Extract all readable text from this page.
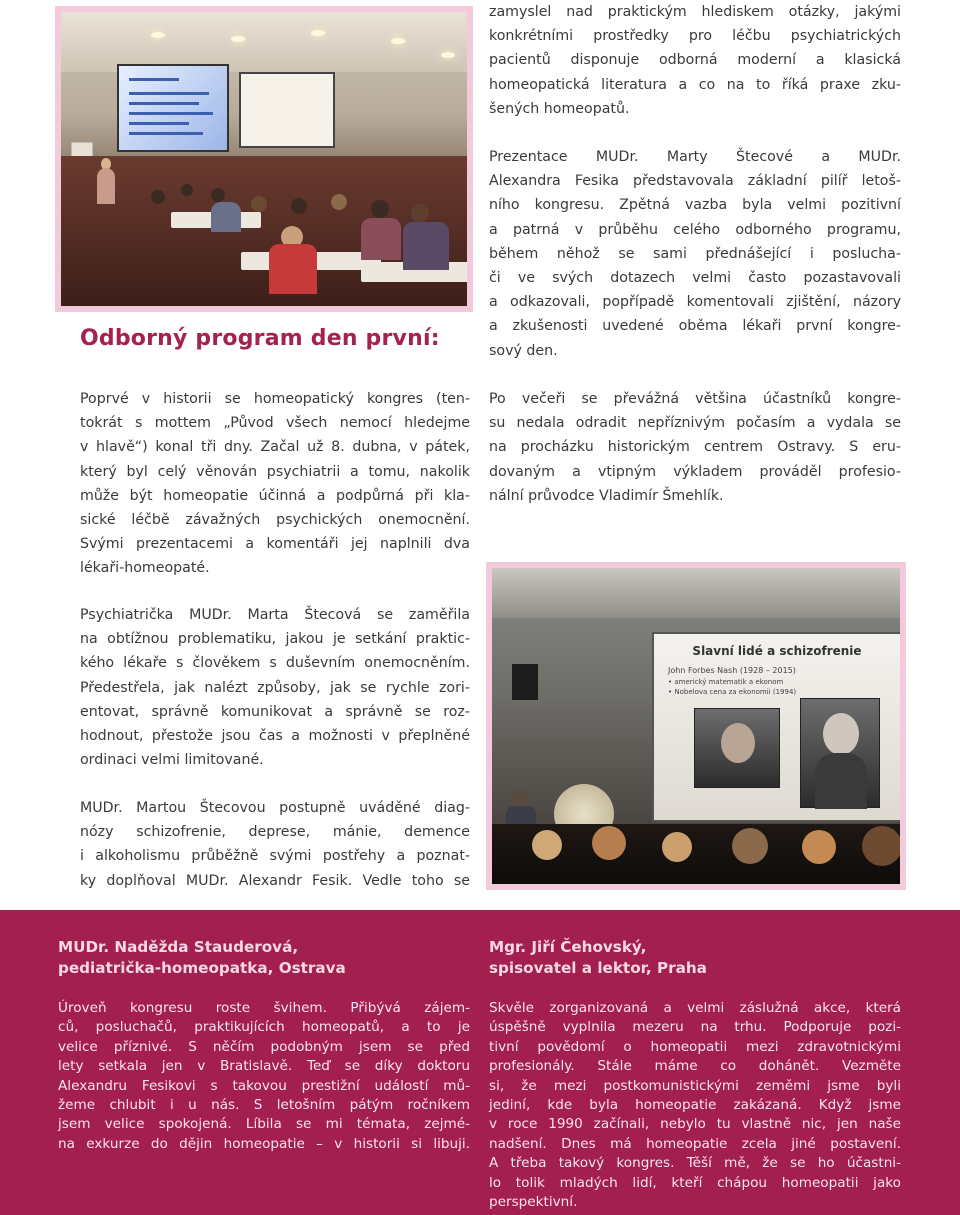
zamyslel nad praktickým hlediskem otázky, jakými
konkrétními prostředky pro léčbu psychiatrických
pacientů disponuje odborná moderní a klasická
homeopatická literatura a co na to říká praxe zku-
šených homeopatů.
Prezentace MUDr. Marty Štecové a MUDr.
Alexandra Fesika představovala základní pilíř letoš-
ního kongresu. Zpětná vazba byla velmi pozitivní
a patrná v průběhu celého odborného programu,
během něhož se sami přednášející i poslucha-
či ve svých dotazech velmi často pozastavovali
a odkazovali, popřípadě komentovali zjištění, názory
a zkušenosti uvedené oběma lékaři první kongre-
sový den.
Odborný program den první:
Poprvé v historii se homeopatický kongres (ten-
tokrát s mottem „Původ všech nemocí hledejme
v hlavě“) konal tři dny. Začal už 8. dubna, v pátek,
který byl celý věnován psychiatrii a tomu, nakolik
může být homeopatie účinná a podpůrná při kla-
sické léčbě závažných psychických onemocnění.
Svými prezentacemi a komentáři jej naplnili dva
lékaři-homeopaté.
Po večeři se převážná většina účastníků kongre-
su nedala odradit nepříznivým počasím a vydala se
na procházku historickým centrem Ostravy. S eru-
dovaným a vtipným výkladem prováděl profesio-
nální průvodce Vladimír Šmehlík.
Psychiatrička MUDr. Marta Štecová se zaměřila
na obtížnou problematiku, jakou je setkání praktic-
kého lékaře s člověkem s duševním onemocněním.
Předestřela, jak nalézt způsoby, jak se rychle zori-
entovat, správně komunikovat a správně se roz-
hodnout, přestože jsou čas a možnosti v přeplněné
ordinaci velmi limitované.
MUDr. Martou Štecovou postupně uváděné diag-
nózy schizofrenie, deprese, mánie, demence
i alkoholismu průběžně svými postřehy a poznat-
ky doplňoval MUDr. Alexandr Fesik. Vedle toho se
Slavní lidé a schizofrenie
John Forbes Nash (1928 – 2015)
• americký matematik a ekonom
• Nobelova cena za ekonomii (1994)
MUDr. Naděžda Stauderová,
pediatrička-homeopatka, Ostrava
Úroveň kongresu roste švihem. Přibývá zájem-
ců, posluchačů, praktikujících homeopatů, a to je
velice příznivé. S něčím podobným jsem se před
lety setkala jen v Bratislavě. Teď se díky doktoru
Alexandru Fesikovi s takovou prestižní událostí mů-
žeme chlubit i u nás. S letošním pátým ročníkem
jsem velice spokojená. Líbila se mi témata, zejmé-
na exkurze do dějin homeopatie – v historii si libuji.
Mgr. Jiří Čehovský,
spisovatel a lektor, Praha
Skvěle zorganizovaná a velmi záslužná akce, která
úspěšně vyplnila mezeru na trhu. Podporuje pozi-
tivní povědomí o homeopatii mezi zdravotnickými
profesionály. Stále máme co dohánět. Vezměte
si, že mezi postkomunistickými zeměmi jsme byli
jediní, kde byla homeopatie zakázaná. Když jsme
v roce 1990 začínali, nebylo tu vlastně nic, jen naše
nadšení. Dnes má homeopatie zcela jiné postavení.
A třeba takový kongres. Těší mě, že se ho účastni-
lo tolik mladých lidí, kteří chápou homeopatii jako
perspektivní.
